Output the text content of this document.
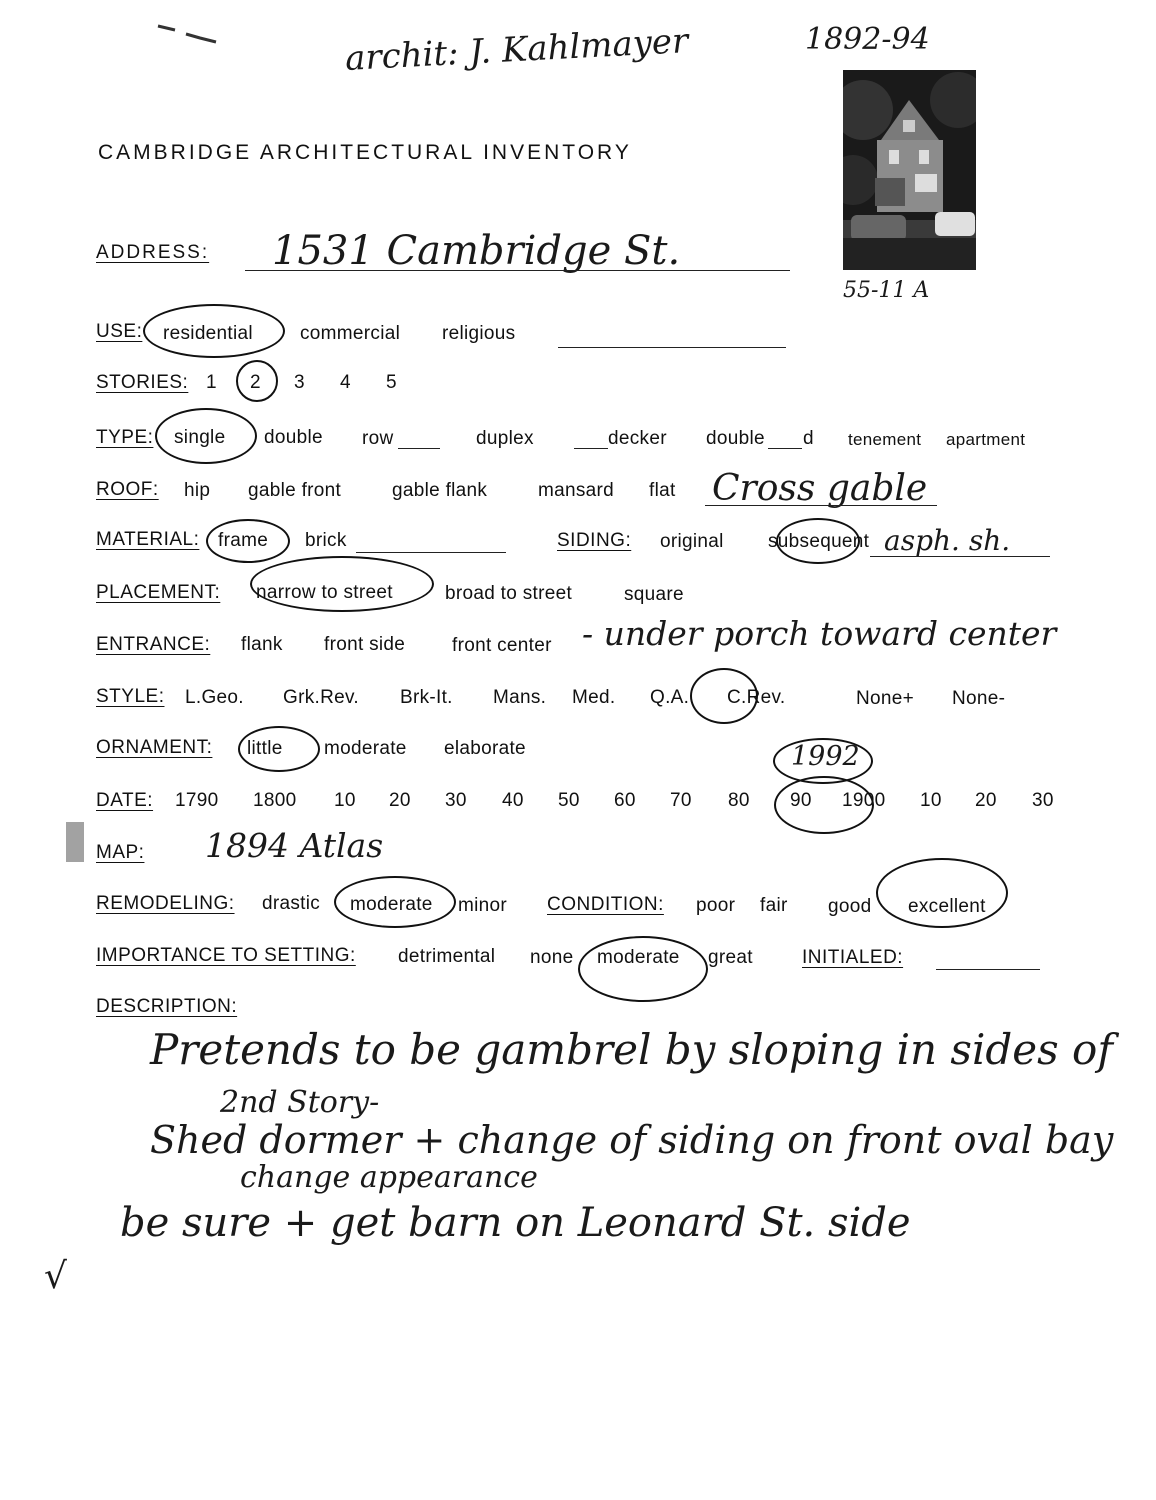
archit: J. Kahlmayer	1892-94
CAMBRIDGE ARCHITECTURAL INVENTORY
55-11 A
ADDRESS: 1531 Cambridge St.
USE: residential commercial religious
STORIES: 1 2 3 4 5
TYPE: single double row	duplex	decker double d tenement apartment
ROOF: hip gable front	gable flank	mansard flat Cross gable
MATERIAL: frame brick	SIDING: original subsequent asph. sh.
PLACEMENT: narrow to street	broad to street	square
ENTRANCE: flank front side front center - under porch toward center
STYLE: L.Geo. Grk.Rev. Brk-It. Mans. Med. Q.A. C.Rev.	None+ None-
ORNAMENT: little moderate elaborate
DATE: 1790 1800 10 20 30 40 50 60 70 80 90 1900 10 20 30
1992
MAP: 1894 Atlas
REMODELING: drastic moderate minor CONDITION: poor fair good excellent
IMPORTANCE TO SETTING: detrimental none moderate great	INITIALED:
DESCRIPTION:
Pretends to be gambrel by sloping in sides of
2nd Story-
Shed dormer + change of siding on front oval bay
change appearance
be sure + get barn on Leonard St. side
√
